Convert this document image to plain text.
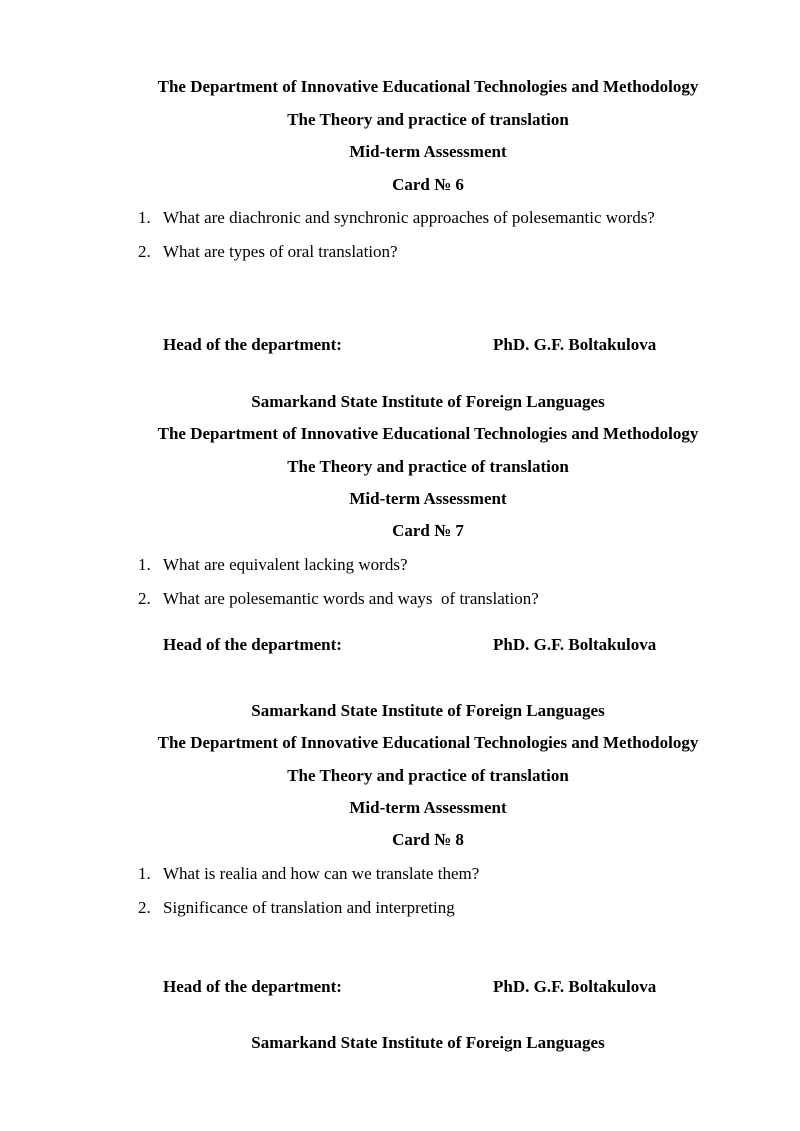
The Department of Innovative Educational Technologies and Methodology
The Theory and practice of translation
Mid-term Assessment
Card № 6
1. What are diachronic and synchronic approaches of polesemantic words?
2. What are types of oral translation?
Head of the department:	PhD. G.F. Boltakulova
Samarkand State Institute of Foreign Languages
The Department of Innovative Educational Technologies and Methodology
The Theory and practice of translation
Mid-term Assessment
Card № 7
1. What are equivalent lacking words?
2. What are polesemantic words and ways  of translation?
Head of the department:	PhD. G.F. Boltakulova
Samarkand State Institute of Foreign Languages
The Department of Innovative Educational Technologies and Methodology
The Theory and practice of translation
Mid-term Assessment
Card № 8
1. What is realia and how can we translate them?
2. Significance of translation and interpreting
Head of the department:	PhD. G.F. Boltakulova
Samarkand State Institute of Foreign Languages
